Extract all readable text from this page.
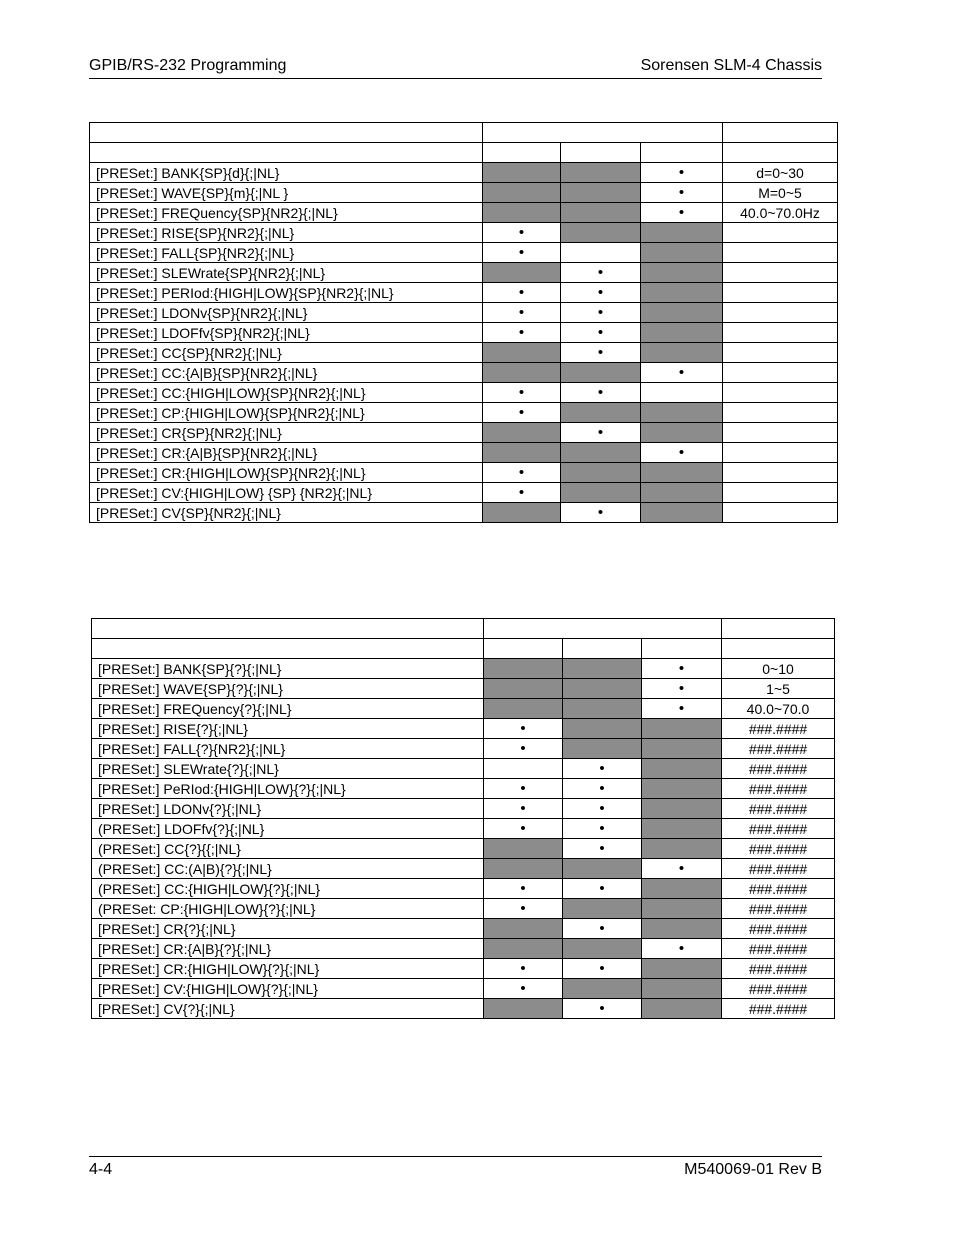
GPIB/RS-232 Programming	Sorensen SLM-4 Chassis

[PRESet:] BANK{SP}{d}{;|NL}			•	d=0~30
[PRESet:] WAVE{SP}{m}{;|NL }			•	M=0~5
[PRESet:] FREQuency{SP}{NR2}{;|NL}			•	40.0~70.0Hz
[PRESet:] RISE{SP}{NR2}{;|NL}	•			
[PRESet:] FALL{SP}{NR2}{;|NL}	•			
[PRESet:] SLEWrate{SP}{NR2}{;|NL}		•		
[PRESet:] PERIod:{HIGH|LOW}{SP}{NR2}{;|NL}	•	•		
[PRESet:] LDONv{SP}{NR2}{;|NL}	•	•		
[PRESet:] LDOFfv{SP}{NR2}{;|NL}	•	•		
[PRESet:] CC{SP}{NR2}{;|NL}		•		
[PRESet:] CC:{A|B}{SP}{NR2}{;|NL}			•	
[PRESet:] CC:{HIGH|LOW}{SP}{NR2}{;|NL}	•	•		
[PRESet:] CP:{HIGH|LOW}{SP}{NR2}{;|NL}	•			
[PRESet:] CR{SP}{NR2}{;|NL}		•		
[PRESet:] CR:{A|B}{SP}{NR2}{;|NL}			•	
[PRESet:] CR:{HIGH|LOW}{SP}{NR2}{;|NL}	•			
[PRESet:] CV:{HIGH|LOW} {SP} {NR2}{;|NL}	•			
[PRESet:] CV{SP}{NR2}{;|NL}		•		

[PRESet:] BANK{SP}{?}{;|NL}			•	0~10
[PRESet:] WAVE{SP}{?}{;|NL}			•	1~5
[PRESet:] FREQuency{?}{;|NL}			•	40.0~70.0
[PRESet:] RISE{?}{;|NL}	•			###.####
[PRESet:] FALL{?}{NR2}{;|NL}	•			###.####
[PRESet:] SLEWrate{?}{;|NL}		•		###.####
[PRESet:] PeRIod:{HIGH|LOW}{?}{;|NL}	•	•		###.####
[PRESet:] LDONv{?}{;|NL}	•	•		###.####
(PRESet:] LDOFfv{?}{;|NL}	•	•		###.####
(PRESet:] CC{?}{{;|NL}		•		###.####
(PRESet:] CC:(A|B){?}{;|NL}			•	###.####
(PRESet:] CC:{HIGH|LOW}{?}{;|NL}	•	•		###.####
(PRESet: CP:{HIGH|LOW}{?}{;|NL}	•			###.####
[PRESet:] CR{?}{;|NL}		•		###.####
[PRESet:] CR:{A|B}{?}{;|NL}			•	###.####
[PRESet:] CR:{HIGH|LOW}{?}{;|NL}	•	•		###.####
[PRESet:] CV:{HIGH|LOW}{?}{;|NL}	•			###.####
[PRESet:] CV{?}{;|NL}		•		###.####
4-4	M540069-01 Rev B
